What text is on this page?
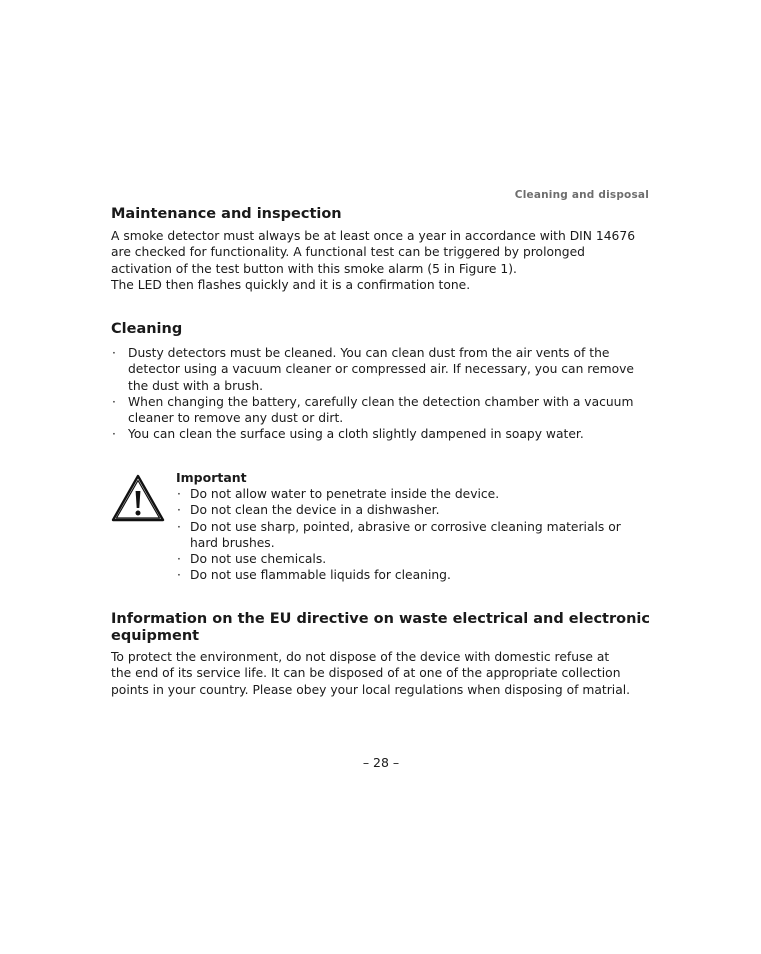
Cleaning and disposal
Maintenance and inspection

A smoke detector must always be at least once a year in accordance with DIN 14676
are checked for functionality. A functional test can be triggered by prolonged
activation of the test button with this smoke alarm (5 in Figure 1).
The LED then flashes quickly and it is a confirmation tone.

Cleaning
· Dusty detectors must be cleaned. You can clean dust from the air vents of the
detector using a vacuum cleaner or compressed air. If necessary, you can remove
the dust with a brush.
· When changing the battery, carefully clean the detection chamber with a vacuum
cleaner to remove any dust or dirt.
· You can clean the surface using a cloth slightly dampened in soapy water.
Important
· Do not allow water to penetrate inside the device.
· Do not clean the device in a dishwasher.
· Do not use sharp, pointed, abrasive or corrosive cleaning materials or
hard brushes.
· Do not use chemicals.
· Do not use flammable liquids for cleaning.
Information on the EU directive on waste electrical and electronic
equipment

To protect the environment, do not dispose of the device with domestic refuse at
the end of its service life. It can be disposed of at one of the appropriate collection
points in your country. Please obey your local regulations when disposing of matrial.

– 28 –
